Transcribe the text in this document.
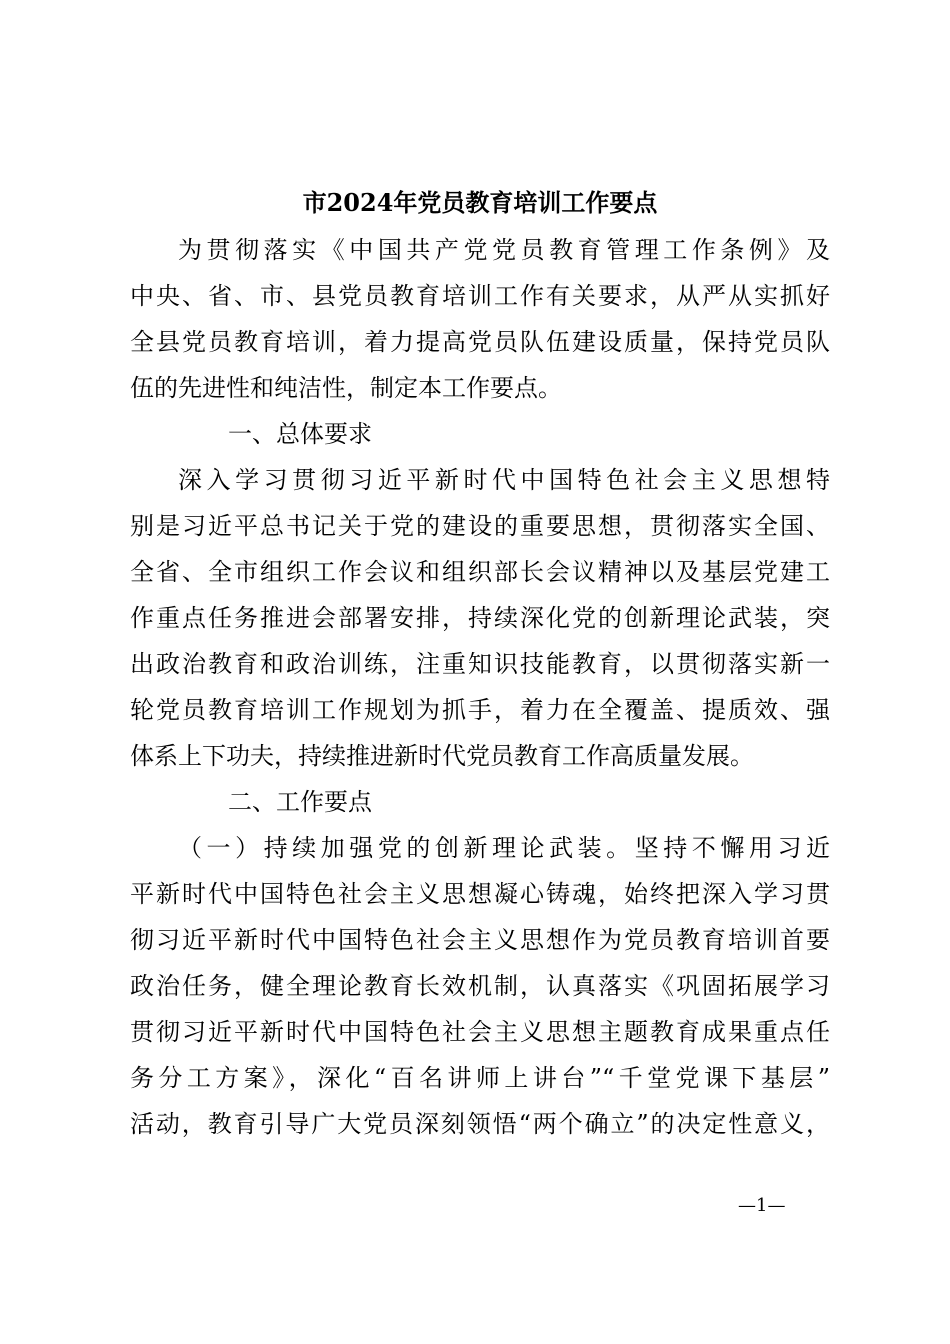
市2024年党员教育培训工作要点
为贯彻落实《中国共产党党员教育管理工作条例》及
中央、省、市、县党员教育培训工作有关要求，从严从实抓好
全县党员教育培训，着力提高党员队伍建设质量，保持党员队
伍的先进性和纯洁性，制定本工作要点。
一、总体要求
深入学习贯彻习近平新时代中国特色社会主义思想特
别是习近平总书记关于党的建设的重要思想，贯彻落实全国、
全省、全市组织工作会议和组织部长会议精神以及基层党建工
作重点任务推进会部署安排，持续深化党的创新理论武装，突
出政治教育和政治训练，注重知识技能教育，以贯彻落实新一
轮党员教育培训工作规划为抓手，着力在全覆盖、提质效、强
体系上下功夫，持续推进新时代党员教育工作高质量发展。
二、工作要点
（一）持续加强党的创新理论武装。坚持不懈用习近
平新时代中国特色社会主义思想凝心铸魂，始终把深入学习贯
彻习近平新时代中国特色社会主义思想作为党员教育培训首要
政治任务，健全理论教育长效机制，认真落实《巩固拓展学习
贯彻习近平新时代中国特色社会主义思想主题教育成果重点任
务分工方案》，深化“百名讲师上讲台”“千堂党课下基层”
活动，教育引导广大党员深刻领悟“两个确立”的决定性意义，
—1—
